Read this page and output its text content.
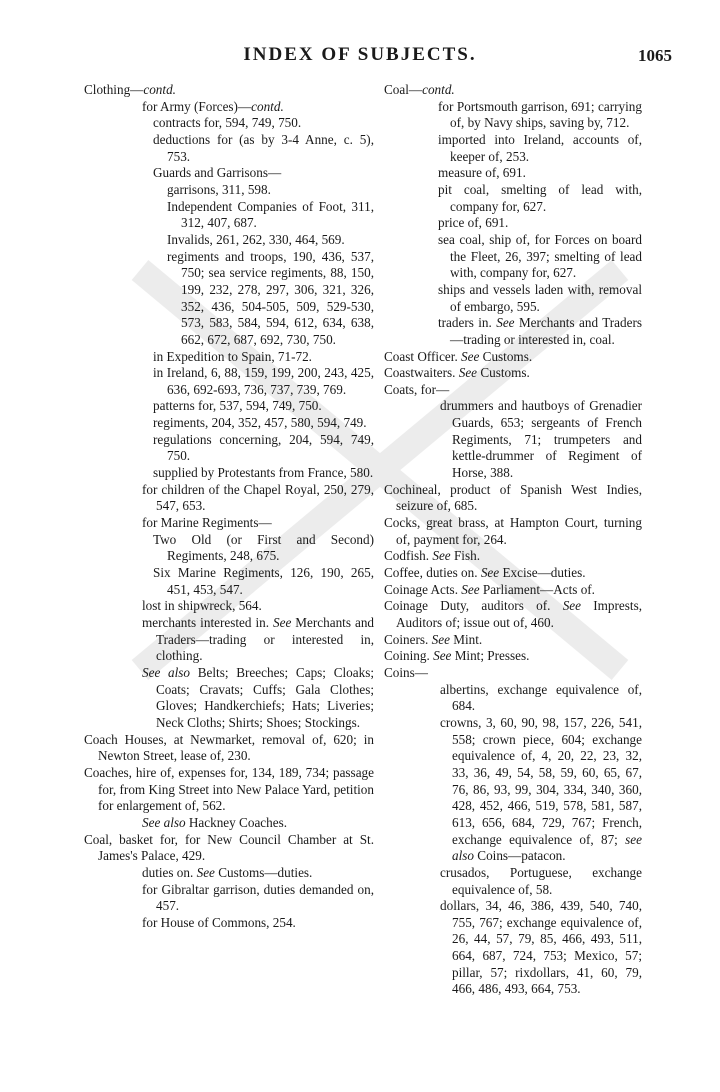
INDEX OF SUBJECTS.	1065
Clothing—contd.
for Army (Forces)—contd.
contracts for, 594, 749, 750.
deductions for (as by 3-4 Anne, c. 5), 753.
Guards and Garrisons—
garrisons, 311, 598.
Independent Companies of Foot, 311, 312, 407, 687.
Invalids, 261, 262, 330, 464, 569.
regiments and troops, 190, 436, 537, 750; sea service regiments, 88, 150, 199, 232, 278, 297, 306, 321, 326, 352, 436, 504-505, 509, 529-530, 573, 583, 584, 594, 612, 634, 638, 662, 672, 687, 692, 730, 750.
in Expedition to Spain, 71-72.
in Ireland, 6, 88, 159, 199, 200, 243, 425, 636, 692-693, 736, 737, 739, 769.
patterns for, 537, 594, 749, 750.
regiments, 204, 352, 457, 580, 594, 749.
regulations concerning, 204, 594, 749, 750.
supplied by Protestants from France, 580.
for children of the Chapel Royal, 250, 279, 547, 653.
for Marine Regiments—
Two Old (or First and Second) Regiments, 248, 675.
Six Marine Regiments, 126, 190, 265, 451, 453, 547.
lost in shipwreck, 564.
merchants interested in. See Merchants and Traders—trading or interested in, clothing.
See also Belts; Breeches; Caps; Cloaks; Coats; Cravats; Cuffs; Gala Clothes; Gloves; Handkerchiefs; Hats; Liveries; Neck Cloths; Shirts; Shoes; Stockings.
Coach Houses, at Newmarket, removal of, 620; in Newton Street, lease of, 230.
Coaches, hire of, expenses for, 134, 189, 734; passage for, from King Street into New Palace Yard, petition for enlargement of, 562.
See also Hackney Coaches.
Coal, basket for, for New Council Chamber at St. James's Palace, 429.
duties on. See Customs—duties.
for Gibraltar garrison, duties demanded on, 457.
for House of Commons, 254.
Coal—contd.
for Portsmouth garrison, 691; carrying of, by Navy ships, saving by, 712.
imported into Ireland, accounts of, keeper of, 253.
measure of, 691.
pit coal, smelting of lead with, company for, 627.
price of, 691.
sea coal, ship of, for Forces on board the Fleet, 26, 397; smelting of lead with, company for, 627.
ships and vessels laden with, removal of embargo, 595.
traders in. See Merchants and Traders—trading or interested in, coal.
Coast Officer. See Customs.
Coastwaiters. See Customs.
Coats, for—
drummers and hautboys of Grenadier Guards, 653; sergeants of French Regiments, 71; trumpeters and kettle-drummer of Regiment of Horse, 388.
Cochineal, product of Spanish West Indies, seizure of, 685.
Cocks, great brass, at Hampton Court, turning of, payment for, 264.
Codfish. See Fish.
Coffee, duties on. See Excise—duties.
Coinage Acts. See Parliament—Acts of.
Coinage Duty, auditors of. See Imprests, Auditors of; issue out of, 460.
Coiners. See Mint.
Coining. See Mint; Presses.
Coins—
albertins, exchange equivalence of, 684.
crowns, 3, 60, 90, 98, 157, 226, 541, 558; crown piece, 604; exchange equivalence of, 4, 20, 22, 23, 32, 33, 36, 49, 54, 58, 59, 60, 65, 67, 76, 86, 93, 99, 304, 334, 340, 360, 428, 452, 466, 519, 578, 581, 587, 613, 656, 684, 729, 767; French, exchange equivalence of, 87; see also Coins—patacon.
crusados, Portuguese, exchange equivalence of, 58.
dollars, 34, 46, 386, 439, 540, 740, 755, 767; exchange equivalence of, 26, 44, 57, 79, 85, 466, 493, 511, 664, 687, 724, 753; Mexico, 57; pillar, 57; rixdollars, 41, 60, 79, 466, 486, 493, 664, 753.
